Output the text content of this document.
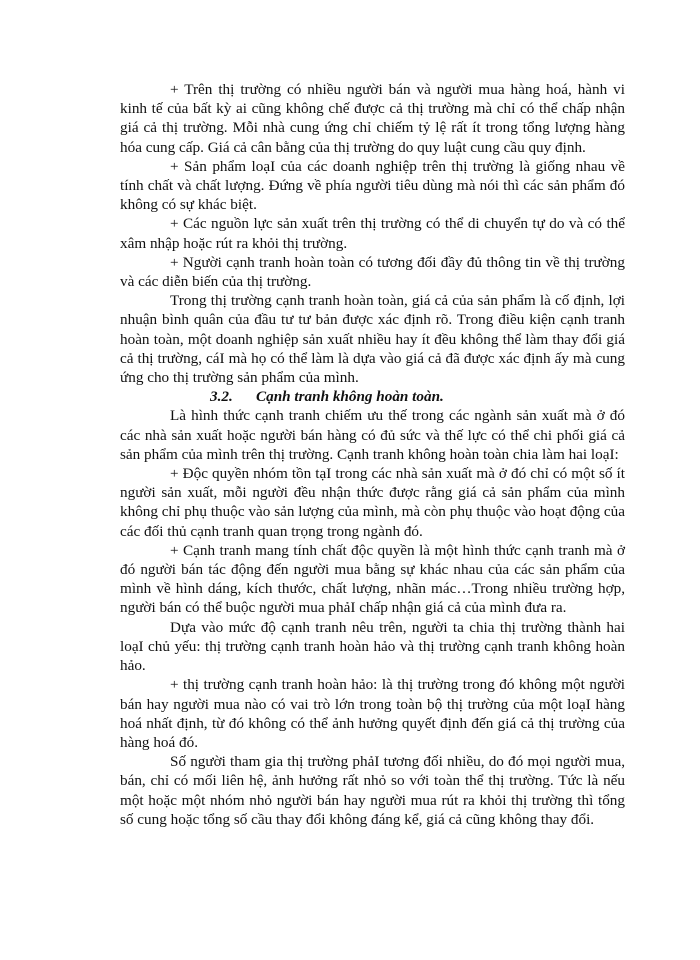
+ Trên thị trường có nhiều người bán và người mua hàng hoá, hành vi kinh tế của bất kỳ ai cũng không chế được cả thị trường mà chỉ có thể chấp nhận giá cả thị trường. Mỗi nhà cung ứng chỉ chiếm tỷ lệ rất ít trong tổng lượng hàng hóa cung cấp. Giá cả cân bằng của thị trường do quy luật cung cầu quy định.

+ Sản phẩm loạI của các doanh nghiệp trên thị trường là giống nhau về tính chất và chất lượng. Đứng về phía người tiêu dùng mà nói thì các sản phẩm đó không có sự khác biệt.

+ Các nguồn lực sản xuất trên thị trường có thể di chuyển tự do và có thể xâm nhập hoặc rút ra khỏi thị trường.

+ Người cạnh tranh hoàn toàn có tương đối đầy đủ thông tin về thị trường và các diễn biến của thị trường.

Trong thị trường cạnh tranh hoàn toàn, giá cả của sản phẩm là cố định, lợi nhuận bình quân của đầu tư tư bản được xác định rõ. Trong điều kiện cạnh tranh hoàn toàn, một doanh nghiệp sản xuất nhiều hay ít đều không thể làm thay đổi giá cả thị trường, cáI mà họ có thể làm là dựa vào giá cả đã được xác định ấy mà cung ứng cho thị trường sản phẩm của mình.

3.2. Cạnh tranh không hoàn toàn.

Là hình thức cạnh tranh chiếm ưu thế trong các ngành sản xuất mà ở đó các nhà sản xuất hoặc người bán hàng có đủ sức và thế lực có thể chi phối giá cả sản phẩm của mình trên thị trường. Cạnh tranh không hoàn toàn chia làm hai loạI:

+ Độc quyền nhóm tồn tạI trong các nhà sản xuất mà ở đó chỉ có một số ít người sản xuất, mỗi người đều nhận thức được rằng giá cả sản phẩm của mình không chỉ phụ thuộc vào sản lượng của mình, mà còn phụ thuộc vào hoạt động của các đối thủ cạnh tranh quan trọng trong ngành đó.

+ Cạnh tranh mang tính chất độc quyền là một hình thức cạnh tranh mà ở đó người bán tác động đến người mua bằng sự khác nhau của các sản phẩm của mình về hình dáng, kích thước, chất lượng, nhãn mác…Trong nhiều trường hợp, người bán có thể buộc người mua phảI chấp nhận giá cả của mình đưa ra.

Dựa vào mức độ cạnh tranh nêu trên, người ta chia thị trường thành hai loạI chủ yếu: thị trường cạnh tranh hoàn hảo và thị trường cạnh tranh không hoàn hảo.

+ thị trường cạnh tranh hoàn hảo: là thị trường trong đó không một người bán hay người mua nào có vai trò lớn trong toàn bộ thị trường của một loạI hàng hoá nhất định, từ đó không có thể ảnh hưởng quyết định đến giá cả thị trường của hàng hoá đó.

Số người tham gia thị trường phảI tương đối nhiều, do đó mọi người mua, bán, chỉ có mối liên hệ, ảnh hưởng rất nhỏ so với toàn thể thị trường. Tức là nếu một hoặc một nhóm nhỏ người bán hay người mua rút ra khỏi thị trường thì tổng số cung hoặc tổng số cầu thay đổi không đáng kể, giá cả cũng không thay đổi.
